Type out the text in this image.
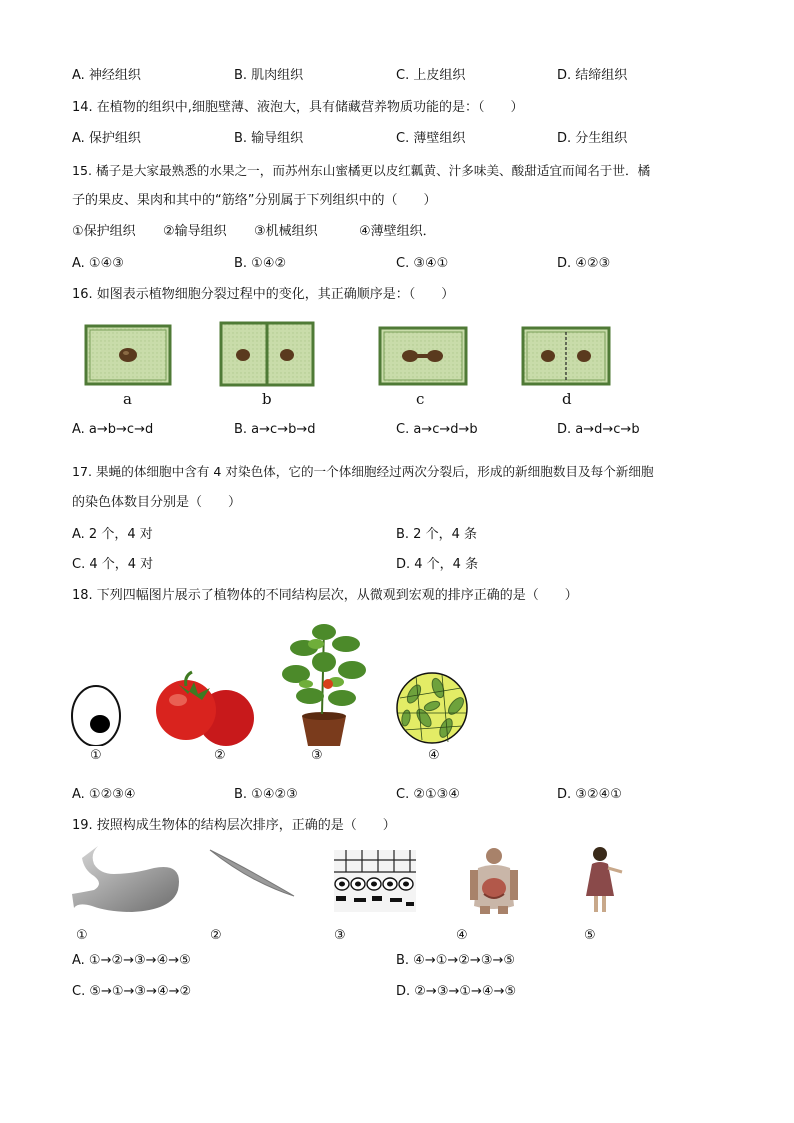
A. 神经组织	B. 肌肉组织	C. 上皮组织	D. 结缔组织
14. 在植物的组织中,细胞壁薄、液泡大，具有储藏营养物质功能的是：（　　）
A. 保护组织	B. 输导组织	C. 薄壁组织	D. 分生组织
15. 橘子是大家最熟悉的水果之一，而苏州东山蜜橘更以皮红瓤黄、汁多味美、酸甜适宜而闻名于世．橘
子的果皮、果肉和其中的“筋络”分别属于下列组织中的（　　）
①保护组织 ②输导组织 ③机械组织	④薄壁组织．
A. ①④③	B. ①④②	C. ③④①	D. ④②③
16. 如图表示植物细胞分裂过程中的变化，其正确顺序是：（　　）
a	b	c	d
A. a→b→c→d	B. a→c→b→d	C. a→c→d→b	D. a→d→c→b
17. 果蝇的体细胞中含有 4 对染色体，它的一个体细胞经过两次分裂后，形成的新细胞数目及每个新细胞
的染色体数目分别是（　　）
A. 2 个，4 对	B. 2 个，4 条
C. 4 个，4 对	D. 4 个，4 条
18. 下列四幅图片展示了植物体的不同结构层次，从微观到宏观的排序正确的是（　　）
①	②	③	④
A. ①②③④	B. ①④②③	C. ②①③④	D. ③②④①
19. 按照构成生物体的结构层次排序，正确的是（　　）
①	②	③	④	⑤
A. ①→②→③→④→⑤	B. ④→①→②→③→⑤
C. ⑤→①→③→④→②	D. ②→③→①→④→⑤
